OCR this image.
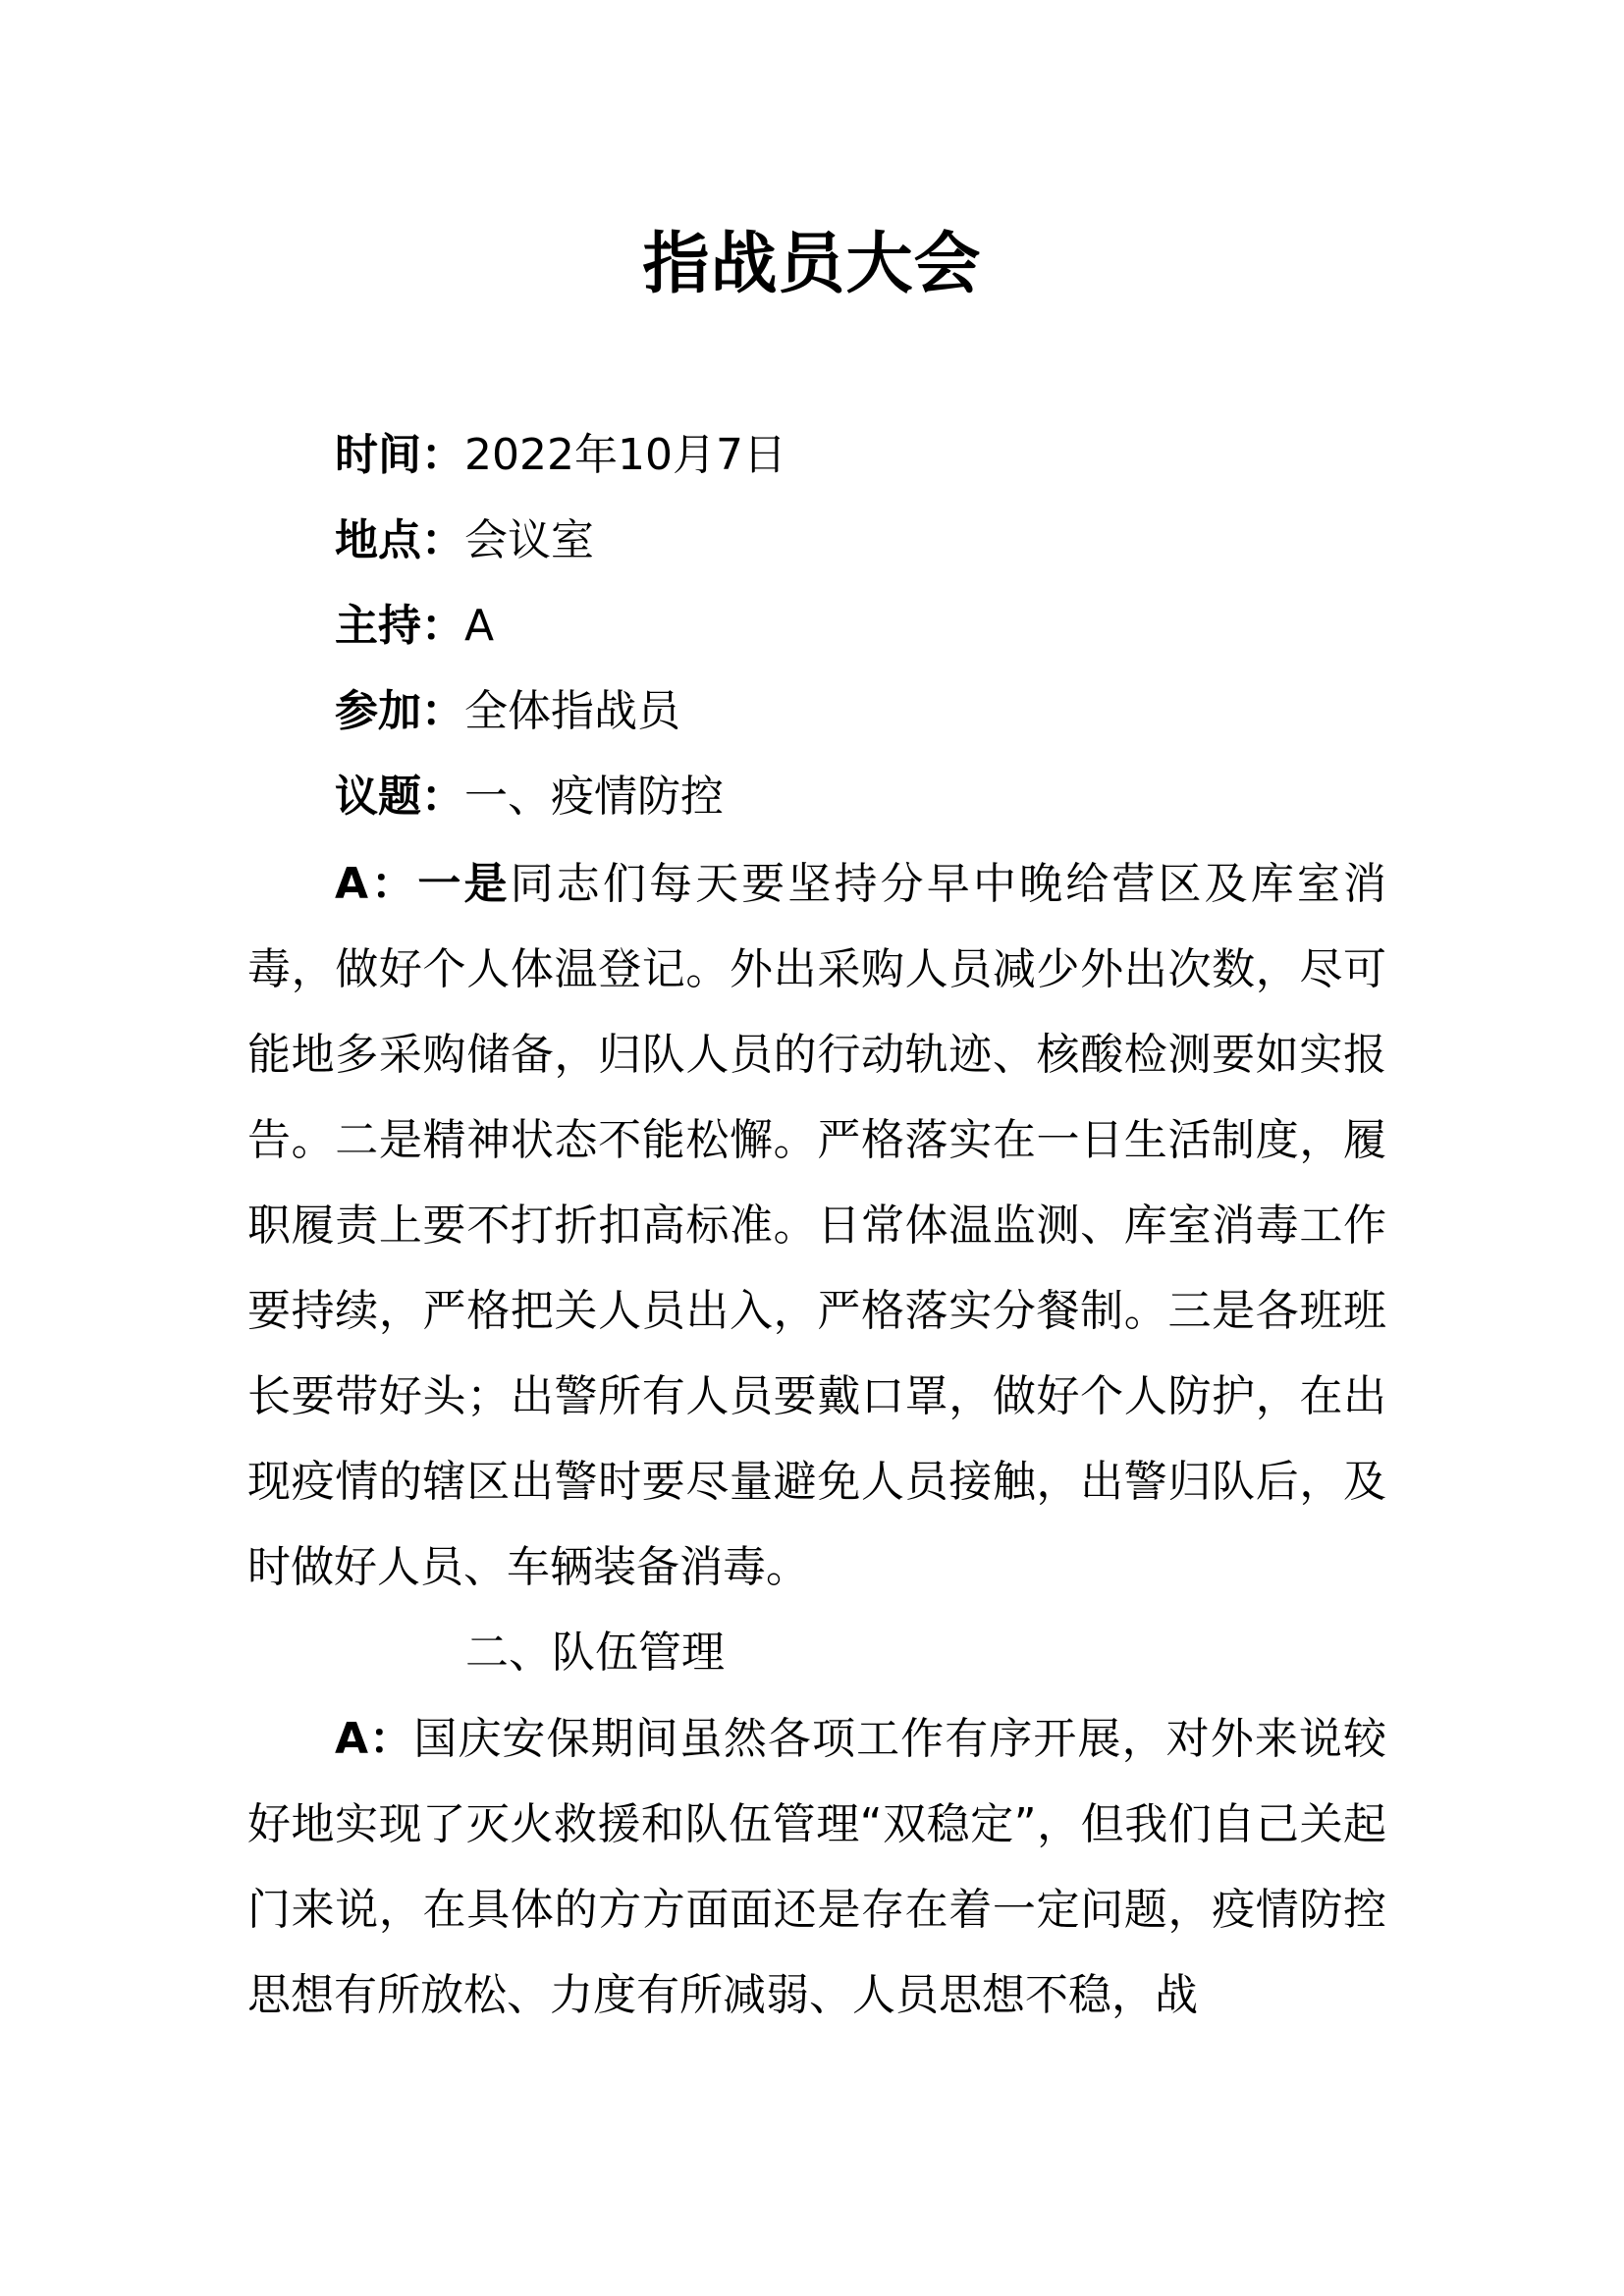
指战员大会
时间：2022年10月7日
地点：会议室
主持：A
参加：全体指战员
议题：一、疫情防控

A：一是同志们每天要坚持分早中晚给营区及库室消毒，做好个人体温登记。外出采购人员减少外出次数，尽可能地多采购储备，归队人员的行动轨迹、核酸检测要如实报告。二是精神状态不能松懈。严格落实在一日生活制度，履职履责上要不打折扣高标准。日常体温监测、库室消毒工作要持续，严格把关人员出入，严格落实分餐制。三是各班班长要带好头；出警所有人员要戴口罩，做好个人防护，在出现疫情的辖区出警时要尽量避免人员接触，出警归队后，及时做好人员、车辆装备消毒。

二、队伍管理

A：国庆安保期间虽然各项工作有序开展，对外来说较好地实现了灭火救援和队伍管理“双稳定”，但我们自己关起门来说，在具体的方方面面还是存在着一定问题，疫情防控思想有所放松、力度有所减弱、人员思想不稳，战
